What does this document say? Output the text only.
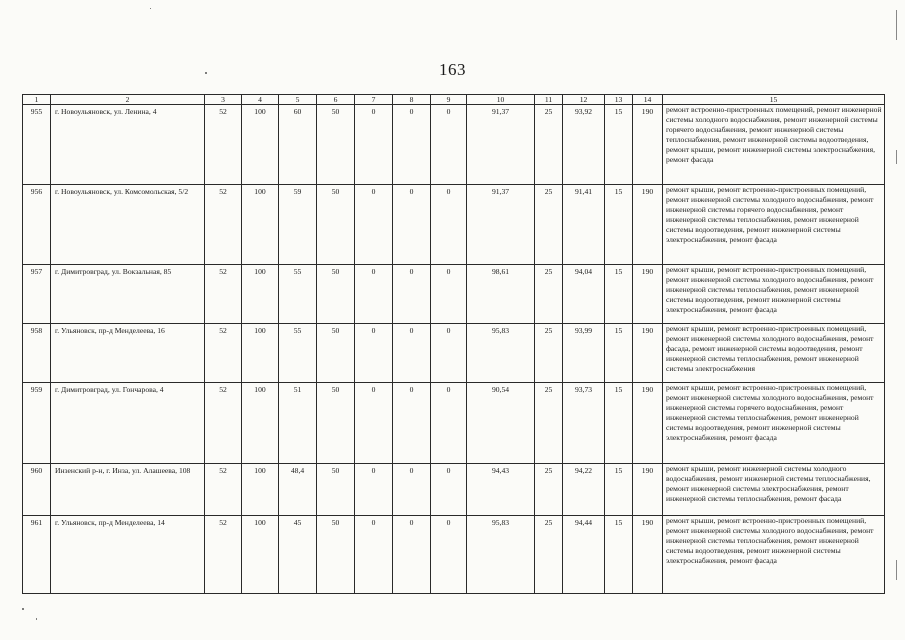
163
1	2	3	4	5	6	7	8	9	10	11	12	13	14	15
955	г. Новоульяновск, ул. Ленина, 4	52	100	60	50	0	0	0	91,37	25	93,92	15	190	ремонт встроенно-пристроенных помещений, ремонт инженерной системы холодного водоснабжения, ремонт инженерной системы горячего водоснабжения, ремонт инженерной системы теплоснабжения, ремонт инженерной системы водоотведения, ремонт крыши, ремонт инженерной системы электроснабжения, ремонт фасада
956	г. Новоульяновск, ул. Комсомольская, 5/2	52	100	59	50	0	0	0	91,37	25	91,41	15	190	ремонт крыши, ремонт встроенно-пристроенных помещений, ремонт инженерной системы холодного водоснабжения, ремонт инженерной системы горячего водоснабжения, ремонт инженерной системы теплоснабжения, ремонт инженерной системы водоотведения, ремонт инженерной системы электроснабжения, ремонт фасада
957	г. Димитровград, ул. Вокзальная, 85	52	100	55	50	0	0	0	98,61	25	94,04	15	190	ремонт крыши, ремонт встроенно-пристроенных помещений, ремонт инженерной системы холодного водоснабжения, ремонт инженерной системы теплоснабжения, ремонт инженерной системы водоотведения, ремонт инженерной системы электроснабжения, ремонт фасада
958	г. Ульяновск, пр-д Менделеева, 16	52	100	55	50	0	0	0	95,83	25	93,99	15	190	ремонт крыши, ремонт встроенно-пристроенных помещений, ремонт инженерной системы холодного водоснабжения, ремонт фасада, ремонт инженерной системы водоотведения, ремонт инженерной системы теплоснабжения, ремонт инженерной системы электроснабжения
959	г. Димитровград, ул. Гончарова, 4	52	100	51	50	0	0	0	90,54	25	93,73	15	190	ремонт крыши, ремонт встроенно-пристроенных помещений, ремонт инженерной системы холодного водоснабжения, ремонт инженерной системы горячего водоснабжения, ремонт инженерной системы теплоснабжения, ремонт инженерной системы водоотведения, ремонт инженерной системы электроснабжения, ремонт фасада
960	Инзенский р-н, г. Инза, ул. Алашеева, 108	52	100	48,4	50	0	0	0	94,43	25	94,22	15	190	ремонт крыши, ремонт инженерной системы холодного водоснабжения, ремонт инженерной системы теплоснабжения, ремонт инженерной системы электроснабжения, ремонт инженерной системы теплоснабжения, ремонт фасада
961	г. Ульяновск, пр-д Менделеева, 14	52	100	45	50	0	0	0	95,83	25	94,44	15	190	ремонт крыши, ремонт встроенно-пристроенных помещений, ремонт инженерной системы холодного водоснабжения, ремонт инженерной системы теплоснабжения, ремонт инженерной системы водоотведения, ремонт инженерной системы электроснабжения, ремонт фасада
